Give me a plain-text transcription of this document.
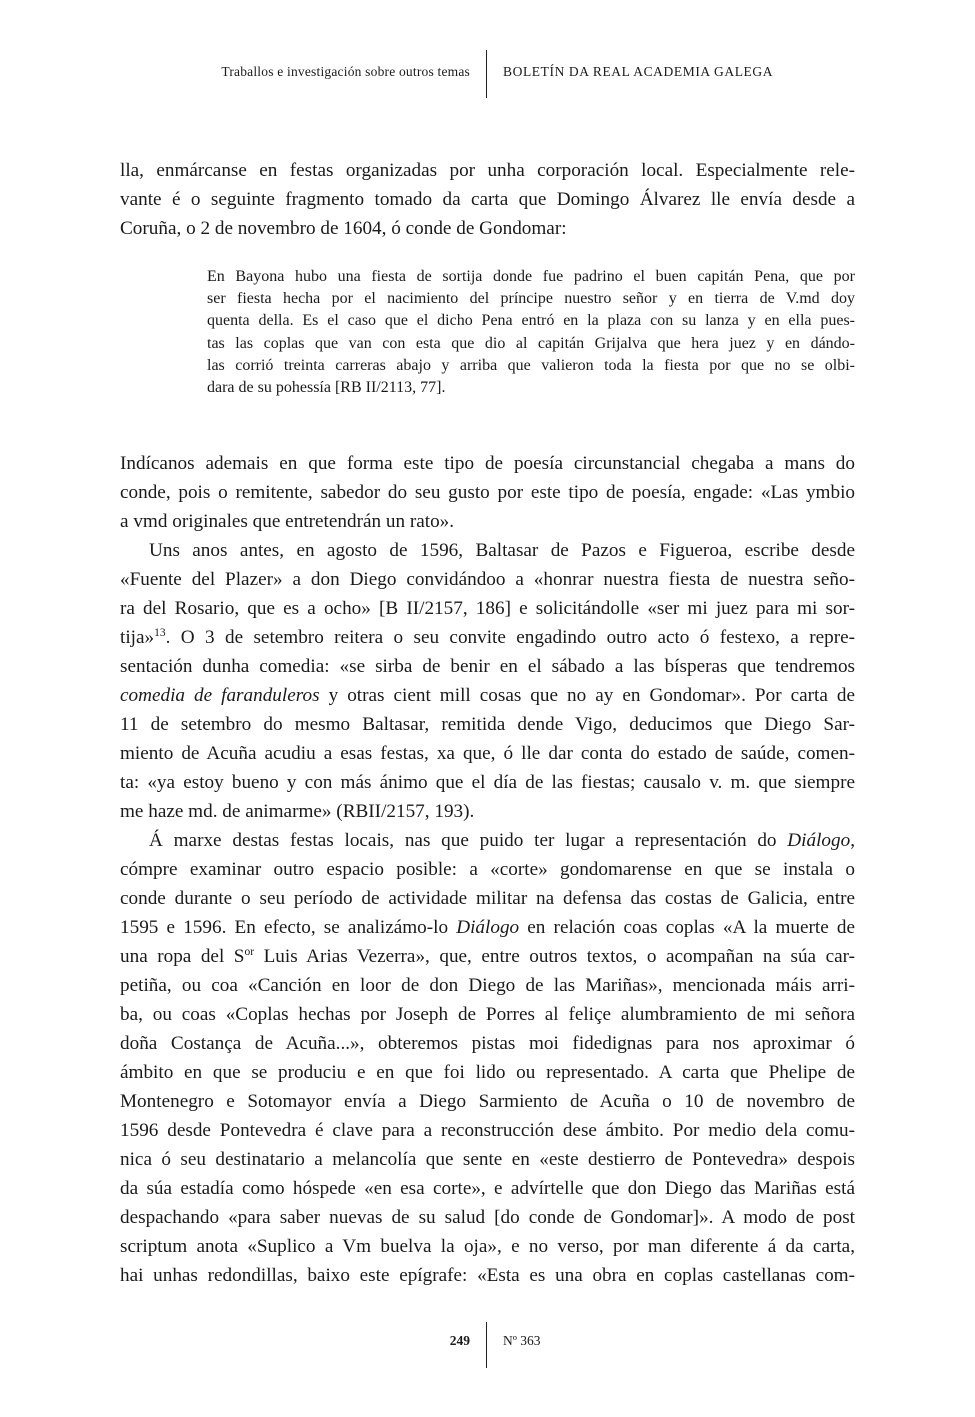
Traballos e investigación sobre outros temas BOLETÍN DA REAL ACADEMIA GALEGA
lla, enmárcanse en festas organizadas por unha corporación local. Especialmente rele-
vante é o seguinte fragmento tomado da carta que Domingo Álvarez lle envía desde a
Coruña, o 2 de novembro de 1604, ó conde de Gondomar:
En Bayona hubo una fiesta de sortija donde fue padrino el buen capitán Pena, que por
ser fiesta hecha por el nacimiento del príncipe nuestro señor y en tierra de V.md doy
quenta della. Es el caso que el dicho Pena entró en la plaza con su lanza y en ella pues-
tas las coplas que van con esta que dio al capitán Grijalva que hera juez y en dándo-
las corrió treinta carreras abajo y arriba que valieron toda la fiesta por que no se olbi-
dara de su pohessía [RB II/2113, 77].
Indícanos ademais en que forma este tipo de poesía circunstancial chegaba a mans do
conde, pois o remitente, sabedor do seu gusto por este tipo de poesía, engade: «Las ymbio
a vmd originales que entretendrán un rato».
Uns anos antes, en agosto de 1596, Baltasar de Pazos e Figueroa, escribe desde
«Fuente del Plazer» a don Diego convidándoo a «honrar nuestra fiesta de nuestra seño-
ra del Rosario, que es a ocho» [B II/2157, 186] e solicitándolle «ser mi juez para mi sor-
tija»$^{13}$. O 3 de setembro reitera o seu convite engadindo outro acto ó festexo, a repre-
sentación dunha comedia: «se sirba de benir en el sábado a las bísperas que tendremos
comedia de faranduleros y otras cient mill cosas que no ay en Gondomar». Por carta de
11 de setembro do mesmo Baltasar, remitida dende Vigo, deducimos que Diego Sar-
miento de Acuña acudiu a esas festas, xa que, ó lle dar conta do estado de saúde, comen-
ta: «ya estoy bueno y con más ánimo que el día de las fiestas; causalo v. m. que siempre
me haze md. de animarme» (RBII/2157, 193).
Á marxe destas festas locais, nas que puido ter lugar a representación do Diálogo,
cómpre examinar outro espacio posible: a «corte» gondomarense en que se instala o
conde durante o seu período de actividade militar na defensa das costas de Galicia, entre
1595 e 1596. En efecto, se analizámo-lo Diálogo en relación coas coplas «A la muerte de
una ropa del $S^{or}$ Luis Arias Vezerra», que, entre outros textos, o acompañan na súa car-
petiña, ou coa «Canción en loor de don Diego de las Mariñas», mencionada máis arri-
ba, ou coas «Coplas hechas por Joseph de Porres al feliçe alumbramiento de mi señora
doña Costança de Acuña...», obteremos pistas moi fidedignas para nos aproximar ó
ámbito en que se produciu e en que foi lido ou representado. A carta que Phelipe de
Montenegro e Sotomayor envía a Diego Sarmiento de Acuña o 10 de novembro de
1596 desde Pontevedra é clave para a reconstrucción dese ámbito. Por medio dela comu-
nica ó seu destinatario a melancolía que sente en «este destierro de Pontevedra» despois
da súa estadía como hóspede «en esa corte», e advírtelle que don Diego das Mariñas está
despachando «para saber nuevas de su salud [do conde de Gondomar]». A modo de post
scriptum anota «Suplico a Vm buelva la oja», e no verso, por man diferente á da carta,
hai unhas redondillas, baixo este epígrafe: «Esta es una obra en coplas castellanas com-
249 Nº 363
